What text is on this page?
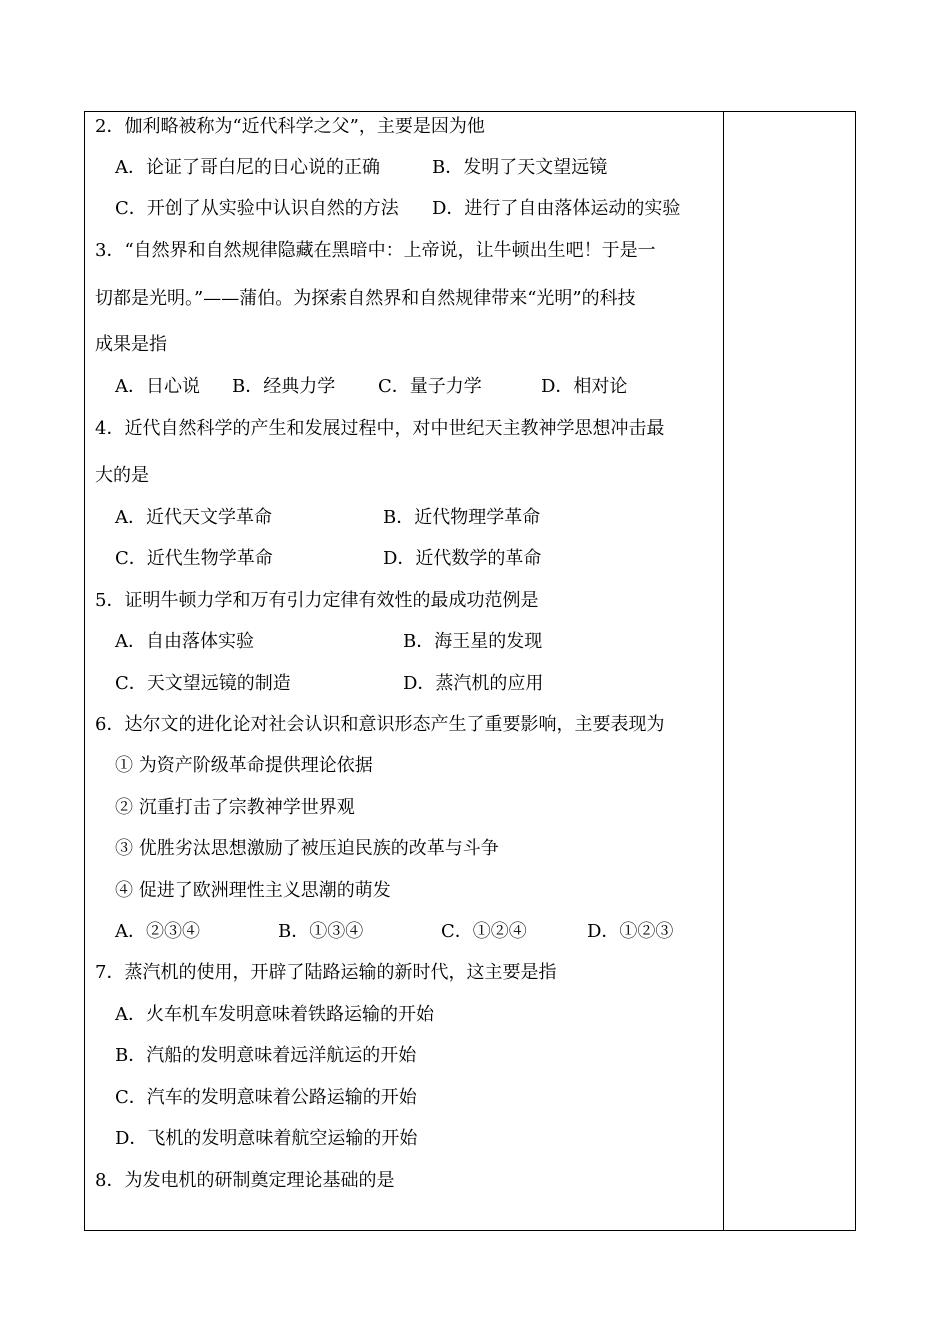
2．伽利略被称为“近代科学之父”，主要是因为他
A．论证了哥白尼的日心说的正确	B．发明了天文望远镜
C．开创了从实验中认识自然的方法 D．进行了自由落体运动的实验
3．“自然界和自然规律隐藏在黑暗中：上帝说，让牛顿出生吧！于是一
切都是光明。”——蒲伯。为探索自然界和自然规律带来“光明”的科技
成果是指
A．日心说 B．经典力学 C．量子力学	D．相对论
4．近代自然科学的产生和发展过程中，对中世纪天主教神学思想冲击最
大的是
A．近代天文学革命	B．近代物理学革命
C．近代生物学革命	D．近代数学的革命
5．证明牛顿力学和万有引力定律有效性的最成功范例是
A．自由落体实验	B．海王星的发现
C．天文望远镜的制造	D．蒸汽机的应用
6．达尔文的进化论对社会认识和意识形态产生了重要影响，主要表现为
① 为资产阶级革命提供理论依据
② 沉重打击了宗教神学世界观
③ 优胜劣汰思想激励了被压迫民族的改革与斗争
④ 促进了欧洲理性主义思潮的萌发
A．②③④	B．①③④	C．①②④	D．①②③
7．蒸汽机的使用，开辟了陆路运输的新时代，这主要是指
A．火车机车发明意味着铁路运输的开始
B．汽船的发明意味着远洋航运的开始
C．汽车的发明意味着公路运输的开始
D．飞机的发明意味着航空运输的开始
8．为发电机的研制奠定理论基础的是
